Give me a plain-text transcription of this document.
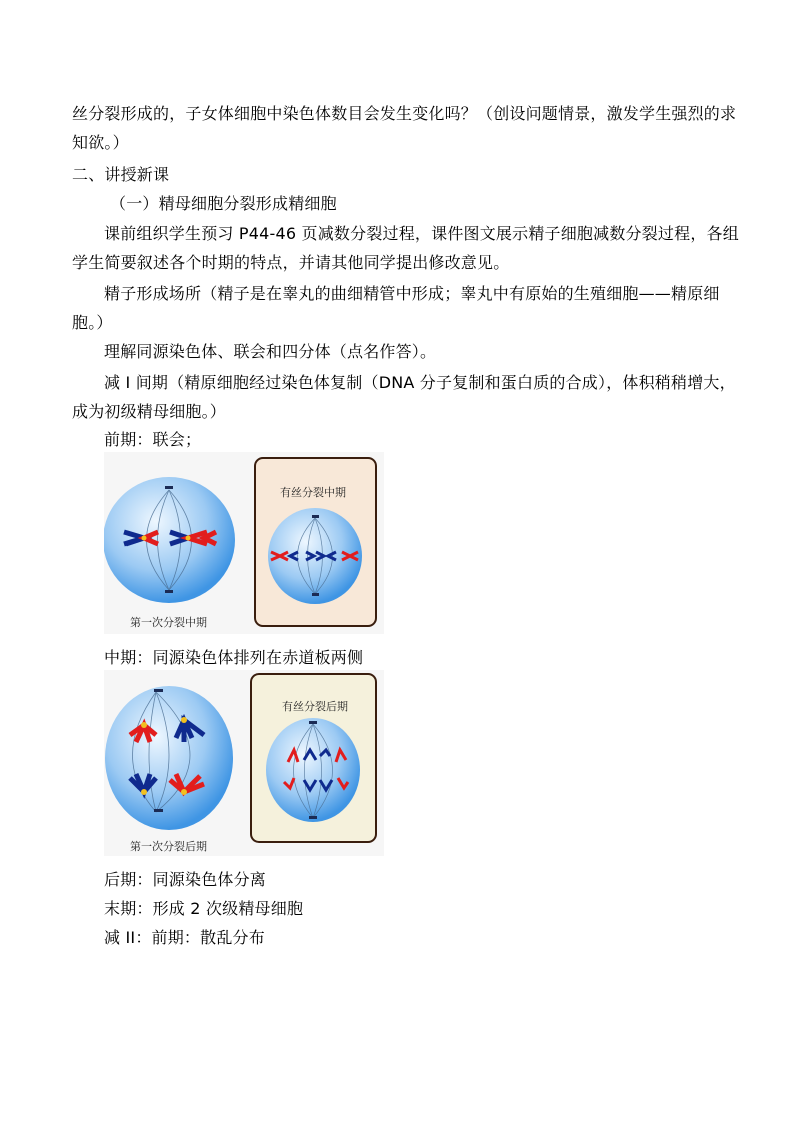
丝分裂形成的，子女体细胞中染色体数目会发生变化吗？（创设问题情景，激发学生强烈的求
知欲。）
二、讲授新课
（一）精母细胞分裂形成精细胞
课前组织学生预习 P44-46 页减数分裂过程，课件图文展示精子细胞减数分裂过程，各组
学生简要叙述各个时期的特点，并请其他同学提出修改意见。
精子形成场所（精子是在睾丸的曲细精管中形成；睾丸中有原始的生殖细胞——精原细
胞。）
理解同源染色体、联会和四分体（点名作答）。
减 I 间期（精原细胞经过染色体复制（DNA 分子复制和蛋白质的合成），体积稍稍增大，
成为初级精母细胞。）
前期：联会；
第一次分裂中期
有丝分裂中期
中期：同源染色体排列在赤道板两侧
第一次分裂后期
有丝分裂后期
后期：同源染色体分离
末期：形成 2 次级精母细胞
减 II：前期：散乱分布
